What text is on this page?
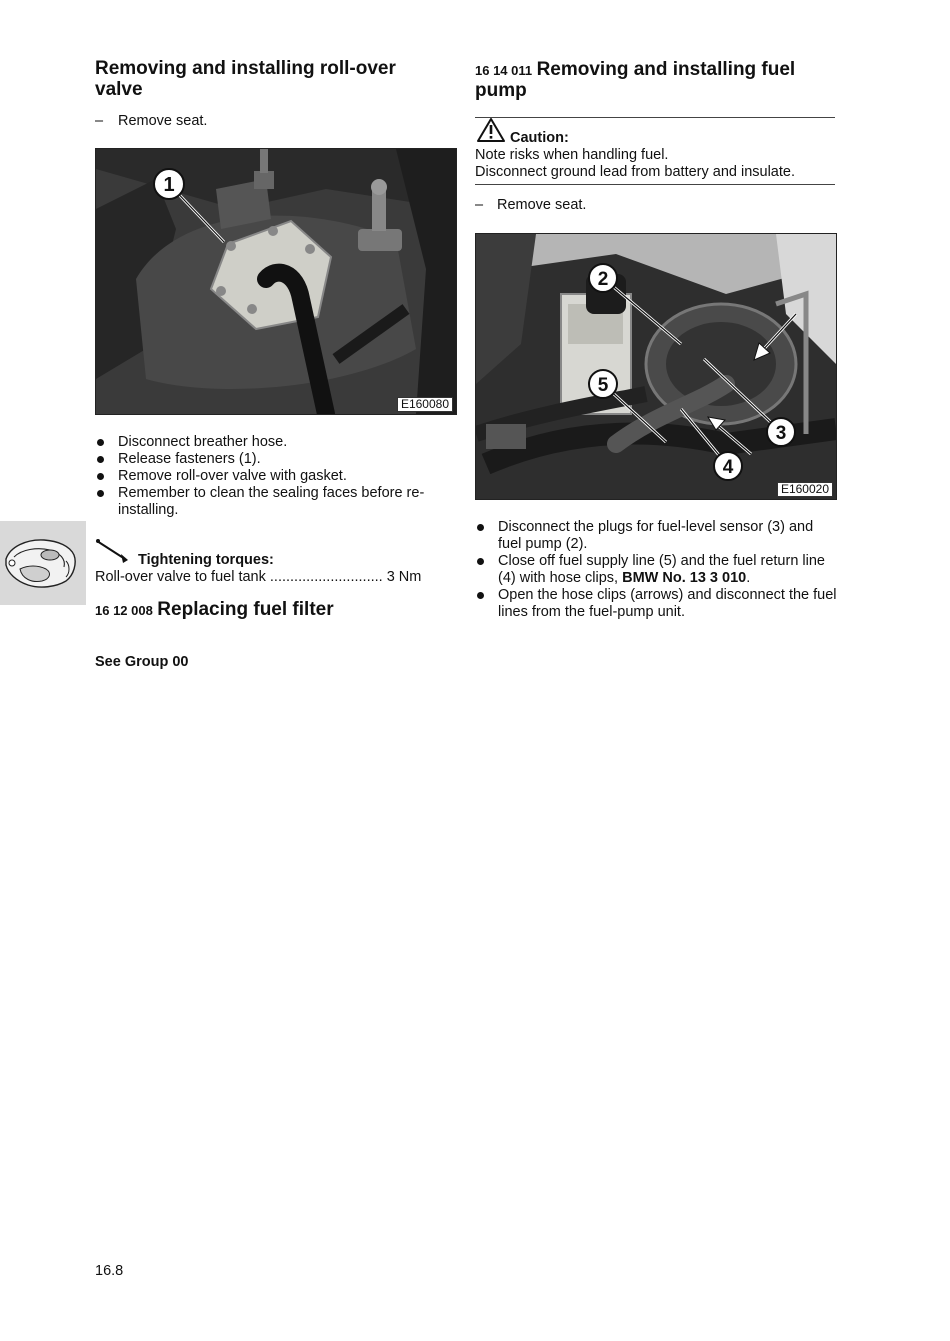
Removing and installing roll-over
valve
– Remove seat.
1
E160080
Disconnect breather hose.
Release fasteners (1).
Remove roll-over valve with gasket.
Remember to clean the sealing faces before re-installing.
Tightening torques:
Roll-over valve to fuel tank ............................ 3 Nm
16 12 008 Replacing fuel filter
See Group 00
16 14 011 Removing and installing fuel
pump
Caution:
Note risks when handling fuel.
Disconnect ground lead from battery and insulate.
– Remove seat.
2
5
3
4
E160020
Disconnect the plugs for fuel-level sensor (3) and fuel pump (2).
Close off fuel supply line (5) and the fuel return line (4) with hose clips, BMW No. 13 3 010.
Open the hose clips (arrows) and disconnect the fuel lines from the fuel-pump unit.
16.8
